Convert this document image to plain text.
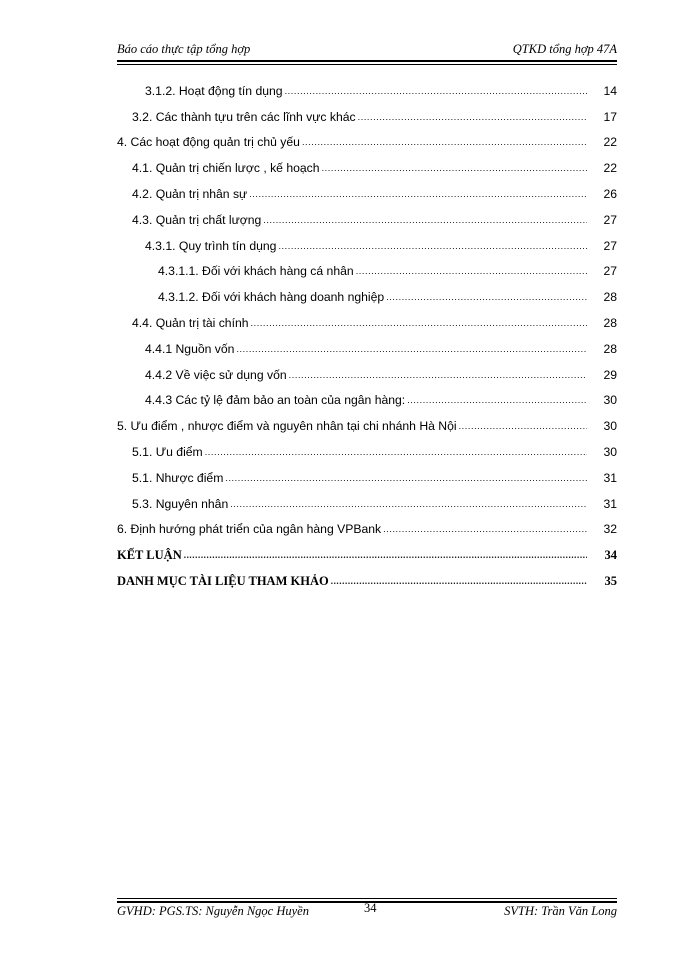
Báo cáo thực tập tổng hợp	QTKD tổng hợp 47A
3.1.2. Hoạt động tín dụng .....	14
3.2. Các thành tựu trên các lĩnh vực khác .....	17
4. Các hoạt động quản trị chủ yếu .....	22
4.1. Quản trị chiến lược , kế hoạch .....	22
4.2. Quản trị nhân sự .....	26
4.3. Quản trị chất lượng .....	27
4.3.1. Quy trình tín dụng .....	27
4.3.1.1. Đối với khách hàng cá nhân .....	27
4.3.1.2. Đối với khách hàng doanh nghiệp .....	28
4.4. Quản trị tài chính .....	28
4.4.1 Nguồn vốn .....	28
4.4.2 Về việc sử dụng vốn .....	29
4.4.3 Các tỷ lệ đảm bảo an toàn của ngân hàng: .....	30
5. Ưu điểm , nhược điểm và nguyên nhân tại chi nhánh Hà Nội .....	30
5.1. Ưu điểm .....	30
5.1. Nhược điểm .....	31
5.3. Nguyên nhân .....	31
6. Định hướng phát triển của ngân hàng VPBank .....	32
KẾT LUẬN .....	34
DANH MỤC TÀI LIỆU THAM KHẢO .....	35
GVHD: PGS.TS: Nguyễn Ngọc Huyền	34	SVTH: Trần Văn Long
